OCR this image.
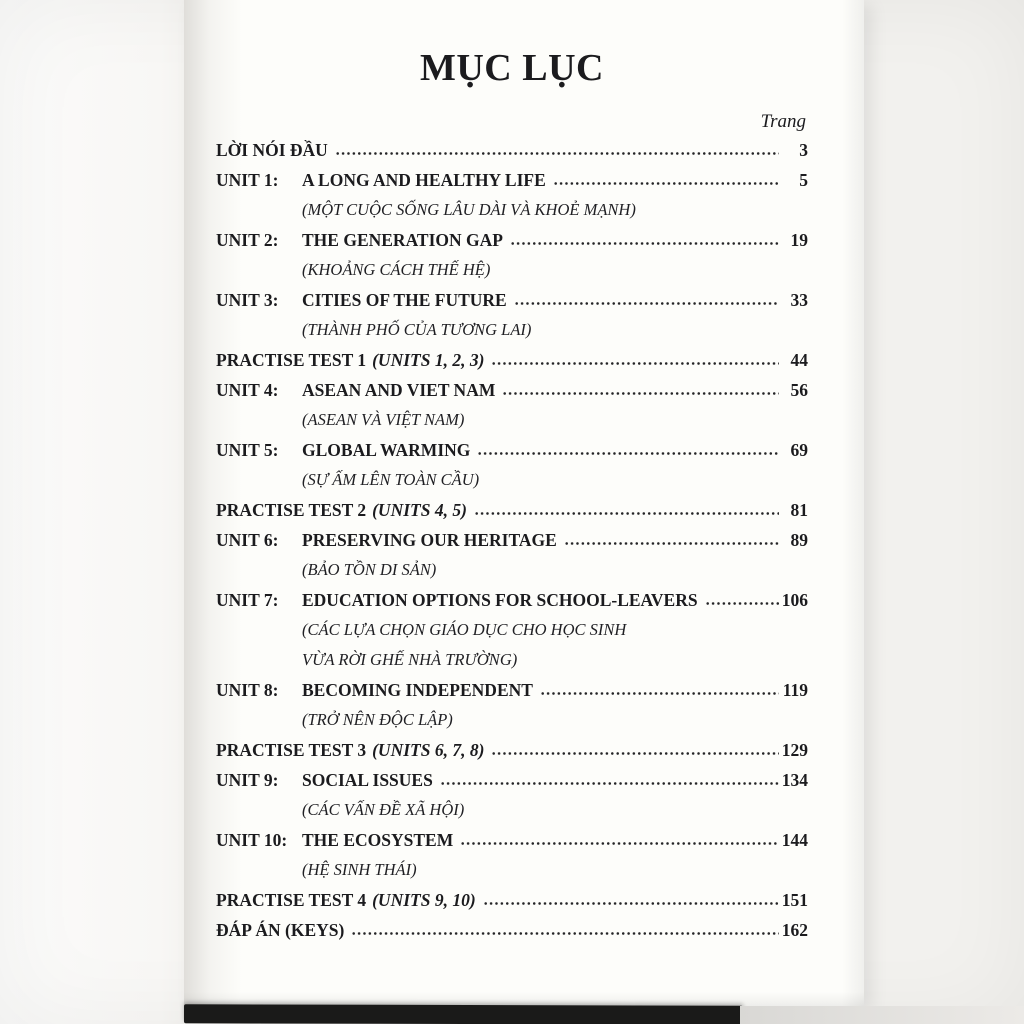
MỤC LỤC
Trang
LỜI NÓI ĐẦU	3
UNIT 1:	A LONG AND HEALTHY LIFE	5
(MỘT CUỘC SỐNG LÂU DÀI VÀ KHOẺ MẠNH)
UNIT 2:	THE GENERATION GAP	19
(KHOẢNG CÁCH THẾ HỆ)
UNIT 3:	CITIES OF THE FUTURE	33
(THÀNH PHỐ CỦA TƯƠNG LAI)
PRACTISE TEST 1 (UNITS 1, 2, 3)	44
UNIT 4:	ASEAN AND VIET NAM	56
(ASEAN VÀ VIỆT NAM)
UNIT 5:	GLOBAL WARMING	69
(SỰ ẤM LÊN TOÀN CẦU)
PRACTISE TEST 2 (UNITS 4, 5)	81
UNIT 6:	PRESERVING OUR HERITAGE	89
(BẢO TỒN DI SẢN)
UNIT 7:	EDUCATION OPTIONS FOR SCHOOL-LEAVERS	106
(CÁC LỰA CHỌN GIÁO DỤC CHO HỌC SINH
VỪA RỜI GHẾ NHÀ TRƯỜNG)
UNIT 8:	BECOMING INDEPENDENT	119
(TRỞ NÊN ĐỘC LẬP)
PRACTISE TEST 3 (UNITS 6, 7, 8)	129
UNIT 9:	SOCIAL ISSUES	134
(CÁC VẤN ĐỀ XÃ HỘI)
UNIT 10: THE ECOSYSTEM	144
(HỆ SINH THÁI)
PRACTISE TEST 4 (UNITS 9, 10)	151
ĐÁP ÁN (KEYS)	162
